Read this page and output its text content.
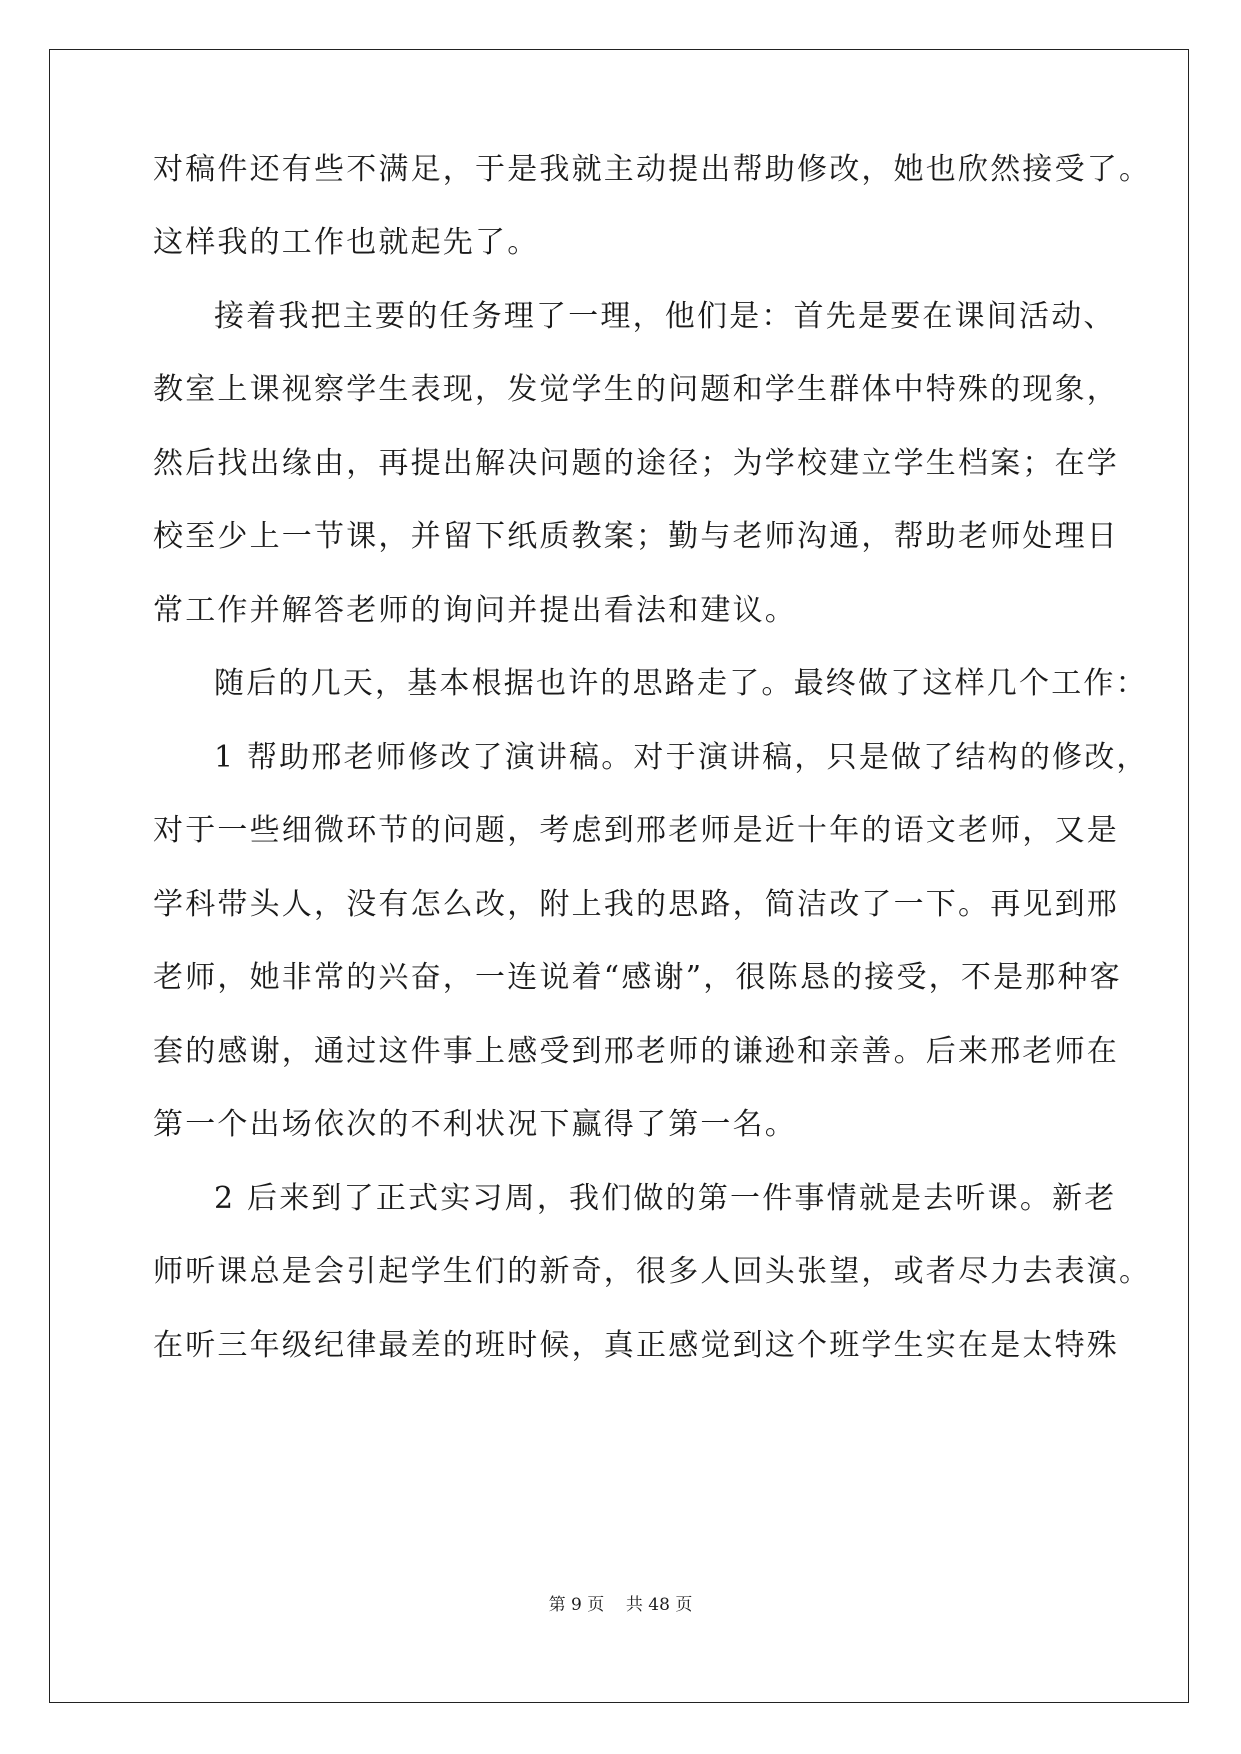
对稿件还有些不满足，于是我就主动提出帮助修改，她也欣然接受了。
这样我的工作也就起先了。
接着我把主要的任务理了一理，他们是：首先是要在课间活动、
教室上课视察学生表现，发觉学生的问题和学生群体中特殊的现象，
然后找出缘由，再提出解决问题的途径；为学校建立学生档案；在学
校至少上一节课，并留下纸质教案；勤与老师沟通，帮助老师处理日
常工作并解答老师的询问并提出看法和建议。
随后的几天，基本根据也许的思路走了。最终做了这样几个工作：
1 帮助邢老师修改了演讲稿。对于演讲稿，只是做了结构的修改，
对于一些细微环节的问题，考虑到邢老师是近十年的语文老师，又是
学科带头人，没有怎么改，附上我的思路，简洁改了一下。再见到邢
老师，她非常的兴奋，一连说着“感谢”，很陈恳的接受，不是那种客
套的感谢，通过这件事上感受到邢老师的谦逊和亲善。后来邢老师在
第一个出场依次的不利状况下赢得了第一名。
2 后来到了正式实习周，我们做的第一件事情就是去听课。新老
师听课总是会引起学生们的新奇，很多人回头张望，或者尽力去表演。
在听三年级纪律最差的班时候，真正感觉到这个班学生实在是太特殊
第 9 页    共 48 页
